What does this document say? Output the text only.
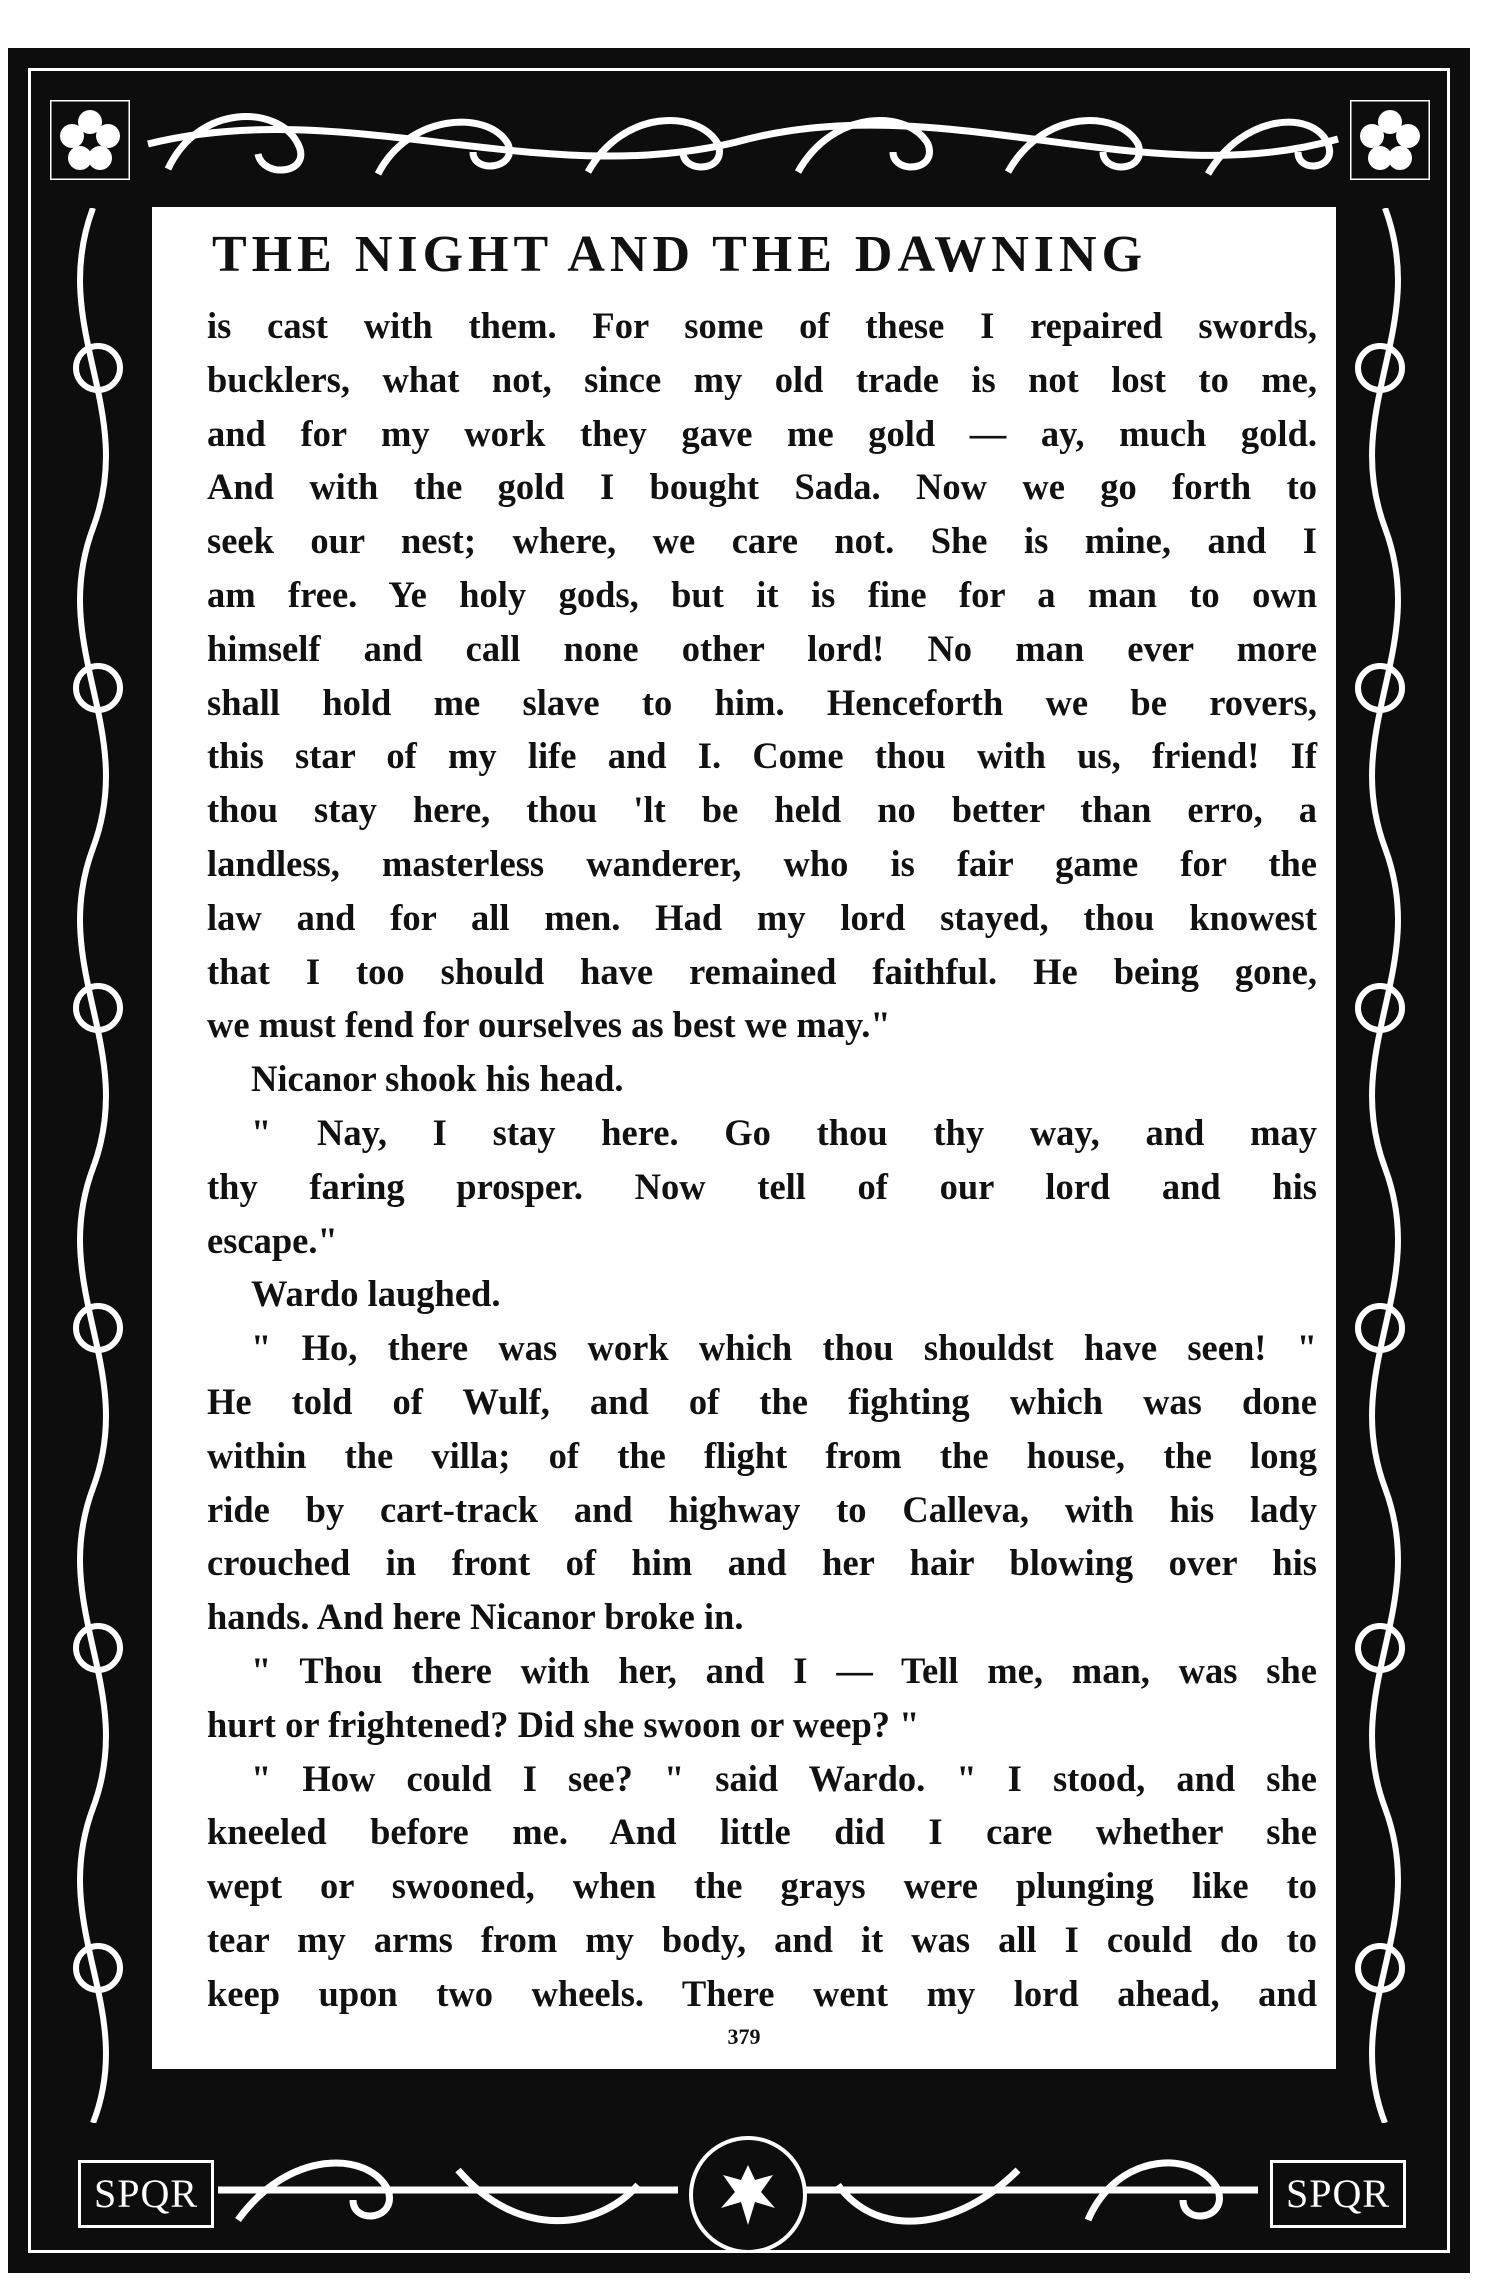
SPQR	SPQR
THE NIGHT AND THE DAWNING

is cast with them. For some of these I repaired swords,

bucklers, what not, since my old trade is not lost to me,

and for my work they gave me gold — ay, much gold.

And with the gold I bought Sada. Now we go forth to

seek our nest; where, we care not. She is mine, and I

am free. Ye holy gods, but it is fine for a man to own

himself and call none other lord! No man ever more

shall hold me slave to him. Henceforth we be rovers,

this star of my life and I. Come thou with us, friend! If

thou stay here, thou 'lt be held no better than erro, a

landless, masterless wanderer, who is fair game for the

law and for all men. Had my lord stayed, thou knowest

that I too should have remained faithful. He being gone,

we must fend for ourselves as best we may."

Nicanor shook his head.

" Nay, I stay here. Go thou thy way, and may

thy faring prosper. Now tell of our lord and his

escape."

Wardo laughed.

" Ho, there was work which thou shouldst have seen! "

He told of Wulf, and of the fighting which was done

within the villa; of the flight from the house, the long

ride by cart-track and highway to Calleva, with his lady

crouched in front of him and her hair blowing over his

hands. And here Nicanor broke in.

" Thou there with her, and I — Tell me, man, was she

hurt or frightened? Did she swoon or weep? "

" How could I see? " said Wardo. " I stood, and she

kneeled before me. And little did I care whether she

wept or swooned, when the grays were plunging like to

tear my arms from my body, and it was all I could do to

keep upon two wheels. There went my lord ahead, and

379
